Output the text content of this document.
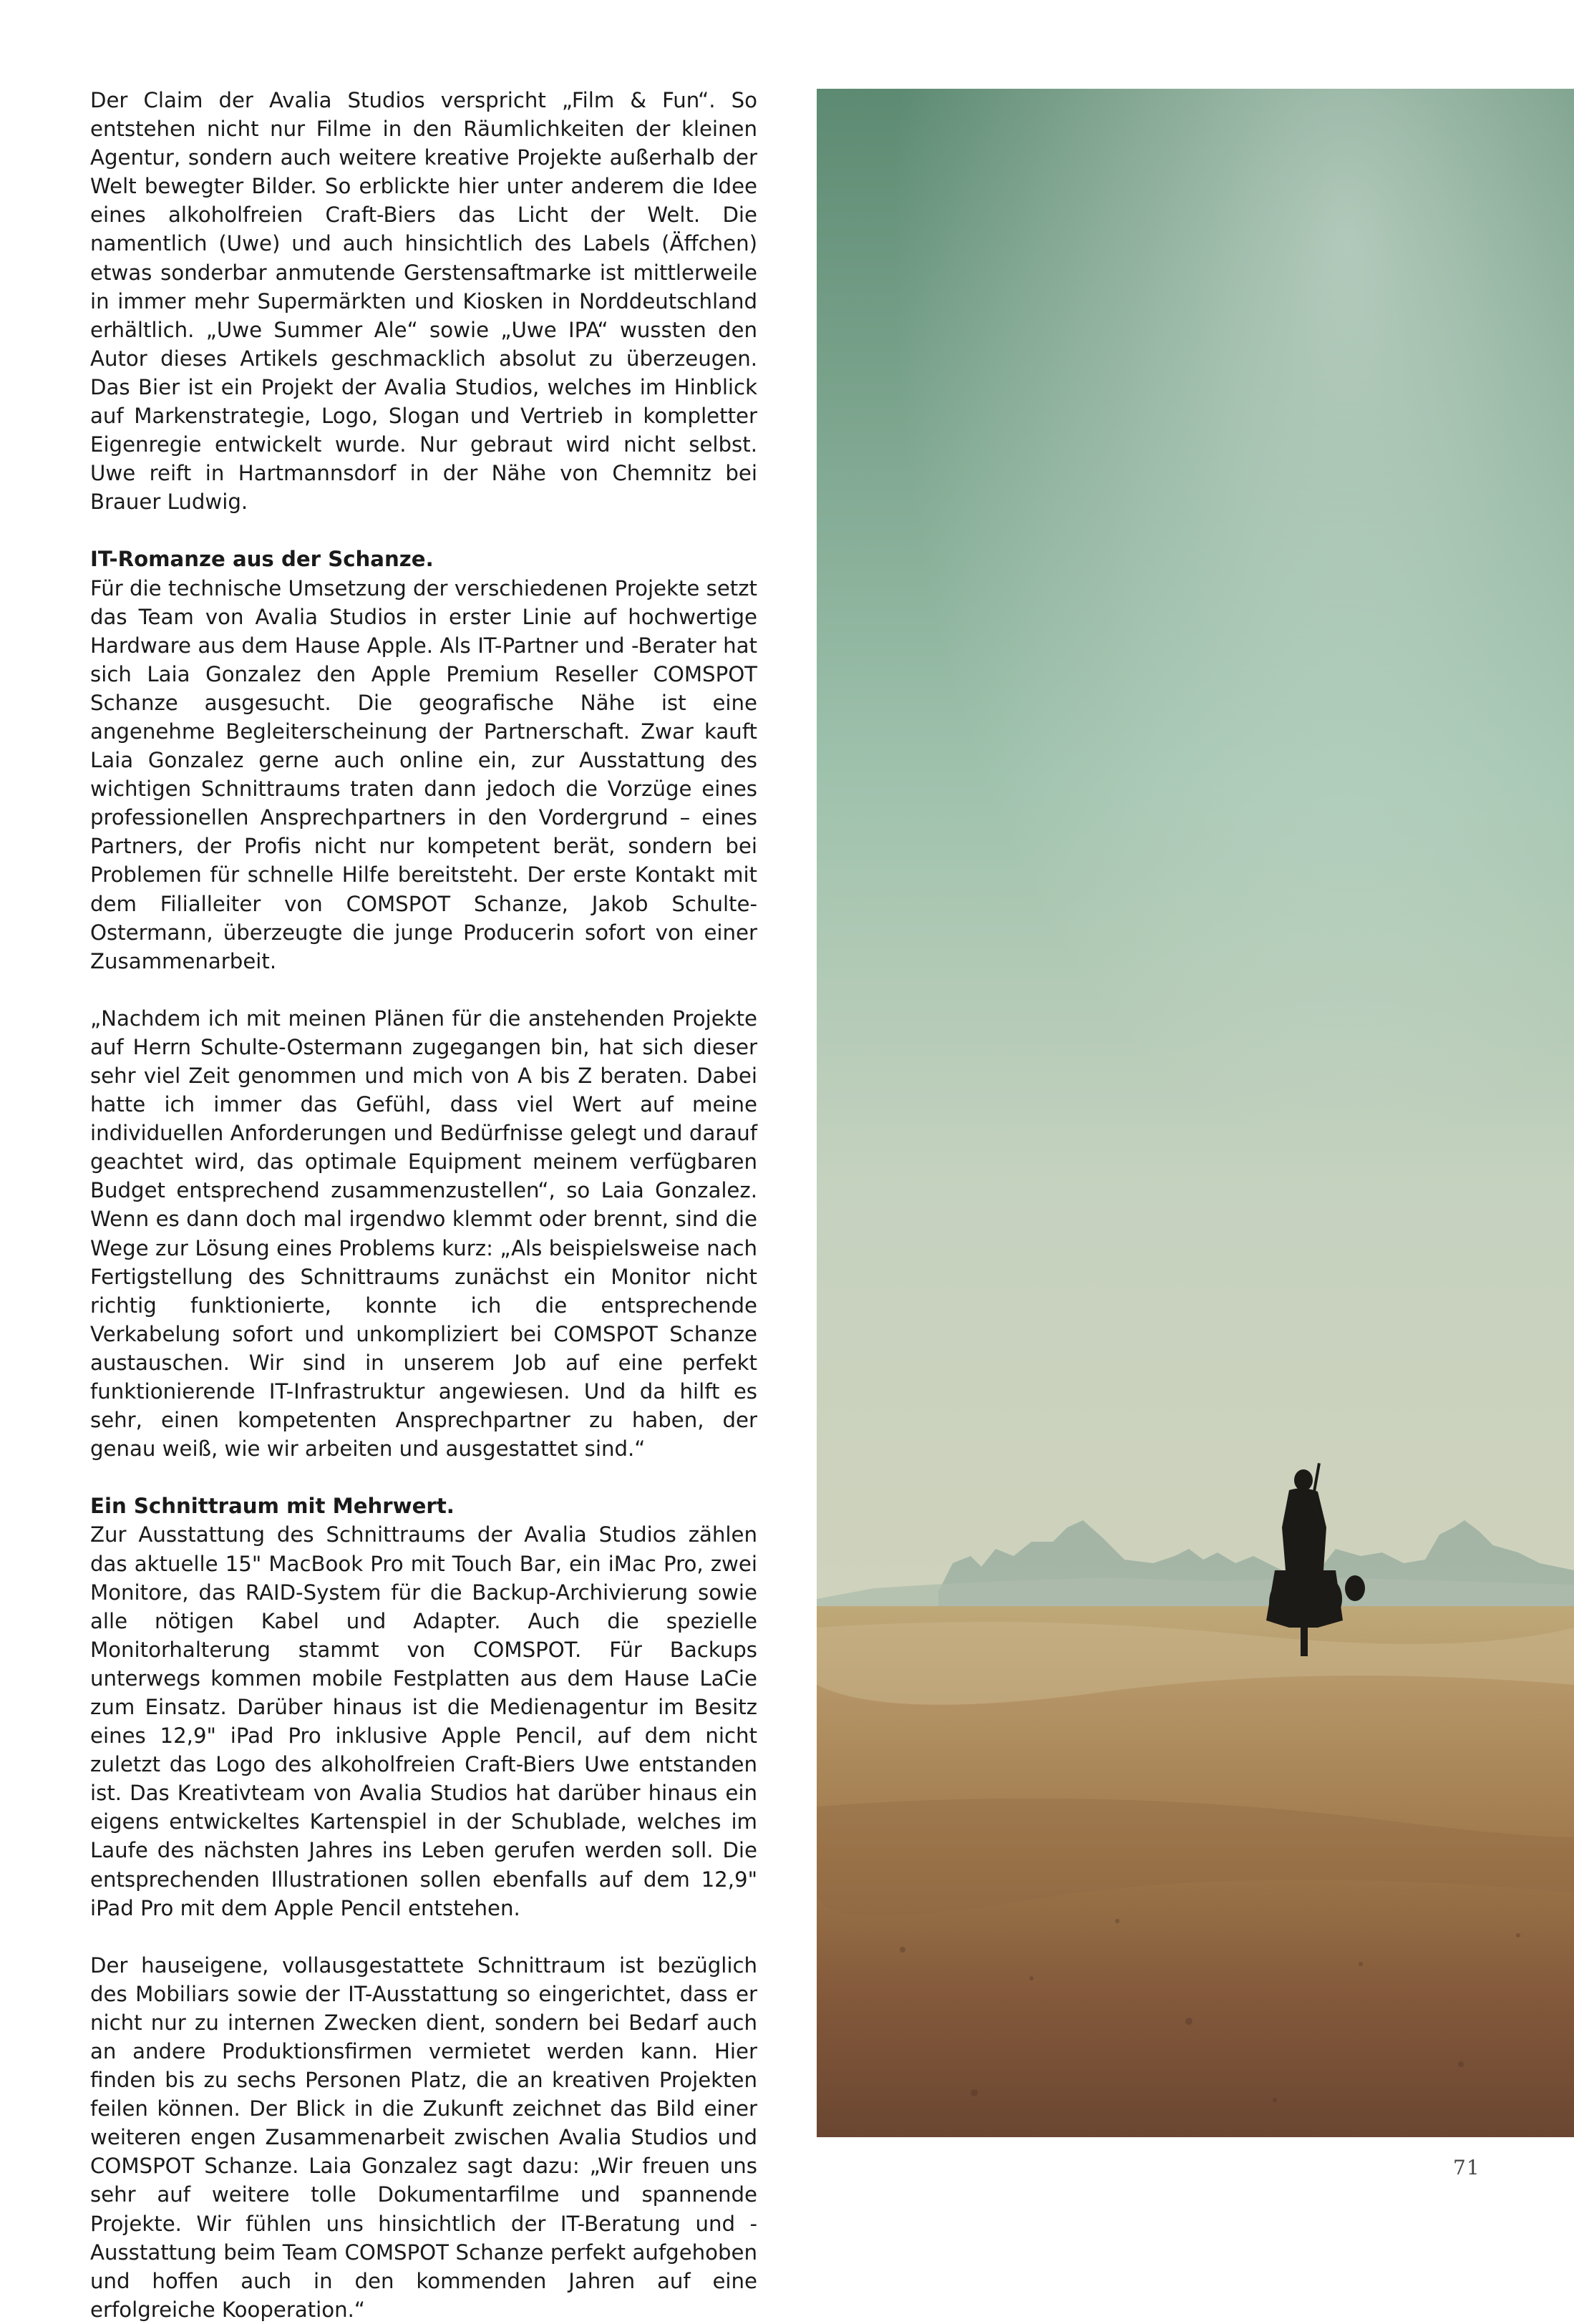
Der Claim der Avalia Studios verspricht „Film & Fun“. So entstehen nicht nur Filme in den Räumlichkeiten der kleinen Agentur, sondern auch weitere kreative Projekte außerhalb der Welt bewegter Bilder. So erblickte hier unter anderem die Idee eines alkoholfreien Craft-Biers das Licht der Welt. Die namentlich (Uwe) und auch hinsichtlich des Labels (Äffchen) etwas sonderbar anmutende Gerstensaftmarke ist mittlerweile in immer mehr Supermärkten und Kiosken in Norddeutschland erhältlich. „Uwe Summer Ale“ sowie „Uwe IPA“ wussten den Autor dieses Artikels geschmacklich absolut zu überzeugen. Das Bier ist ein Projekt der Avalia Studios, welches im Hinblick auf Markenstrategie, Logo, Slogan und Vertrieb in kompletter Eigenregie entwickelt wurde. Nur gebraut wird nicht selbst. Uwe reift in Hartmannsdorf in der Nähe von Chemnitz bei Brauer Ludwig.

IT-Romanze aus der Schanze.

Für die technische Umsetzung der verschiedenen Projekte setzt das Team von Avalia Studios in erster Linie auf hochwertige Hardware aus dem Hause Apple. Als IT-Partner und -Berater hat sich Laia Gonzalez den Apple Premium Reseller COMSPOT Schanze ausgesucht. Die geografische Nähe ist eine angenehme Begleiterscheinung der Partnerschaft. Zwar kauft Laia Gonzalez gerne auch online ein, zur Ausstattung des wichtigen Schnittraums traten dann jedoch die Vorzüge eines professionellen Ansprechpartners in den Vordergrund – eines Partners, der Profis nicht nur kompetent berät, sondern bei Problemen für schnelle Hilfe bereitsteht. Der erste Kontakt mit dem Filialleiter von COMSPOT Schanze, Jakob Schulte-Ostermann, überzeugte die junge Producerin sofort von einer Zusammenarbeit.

„Nachdem ich mit meinen Plänen für die anstehenden Projekte auf Herrn Schulte-Ostermann zugegangen bin, hat sich dieser sehr viel Zeit genommen und mich von A bis Z beraten. Dabei hatte ich immer das Gefühl, dass viel Wert auf meine individuellen Anforderungen und Bedürfnisse gelegt und darauf geachtet wird, das optimale Equipment meinem verfügbaren Budget entsprechend zusammenzustellen“, so Laia Gonzalez. Wenn es dann doch mal irgendwo klemmt oder brennt, sind die Wege zur Lösung eines Problems kurz: „Als beispielsweise nach Fertigstellung des Schnittraums zunächst ein Monitor nicht richtig funktionierte, konnte ich die entsprechende Verkabelung sofort und unkompliziert bei COMSPOT Schanze austauschen. Wir sind in unserem Job auf eine perfekt funktionierende IT-Infrastruktur angewiesen. Und da hilft es sehr, einen kompetenten Ansprechpartner zu haben, der genau weiß, wie wir arbeiten und ausgestattet sind.“

Ein Schnittraum mit Mehrwert.

Zur Ausstattung des Schnittraums der Avalia Studios zählen das aktuelle 15" MacBook Pro mit Touch Bar, ein iMac Pro, zwei Monitore, das RAID-System für die Backup-Archivierung sowie alle nötigen Kabel und Adapter. Auch die spezielle Monitorhalterung stammt von COMSPOT. Für Backups unterwegs kommen mobile Festplatten aus dem Hause LaCie zum Einsatz. Darüber hinaus ist die Medienagentur im Besitz eines 12,9" iPad Pro inklusive Apple Pencil, auf dem nicht zuletzt das Logo des alkoholfreien Craft-Biers Uwe entstanden ist. Das Kreativteam von Avalia Studios hat darüber hinaus ein eigens entwickeltes Kartenspiel in der Schublade, welches im Laufe des nächsten Jahres ins Leben gerufen werden soll. Die entsprechenden Illustrationen sollen ebenfalls auf dem 12,9" iPad Pro mit dem Apple Pencil entstehen.

Der hauseigene, vollausgestattete Schnittraum ist bezüglich des Mobiliars sowie der IT-Ausstattung so eingerichtet, dass er nicht nur zu internen Zwecken dient, sondern bei Bedarf auch an andere Produktionsfirmen vermietet werden kann. Hier finden bis zu sechs Personen Platz, die an kreativen Projekten feilen können. Der Blick in die Zukunft zeichnet das Bild einer weiteren engen Zusammenarbeit zwischen Avalia Studios und COMSPOT Schanze. Laia Gonzalez sagt dazu: „Wir freuen uns sehr auf weitere tolle Dokumentarfilme und spannende Projekte. Wir fühlen uns hinsichtlich der IT-Beratung und -Ausstattung beim Team COMSPOT Schanze perfekt aufgehoben und hoffen auch in den kommenden Jahren auf eine erfolgreiche Kooperation.“

71
